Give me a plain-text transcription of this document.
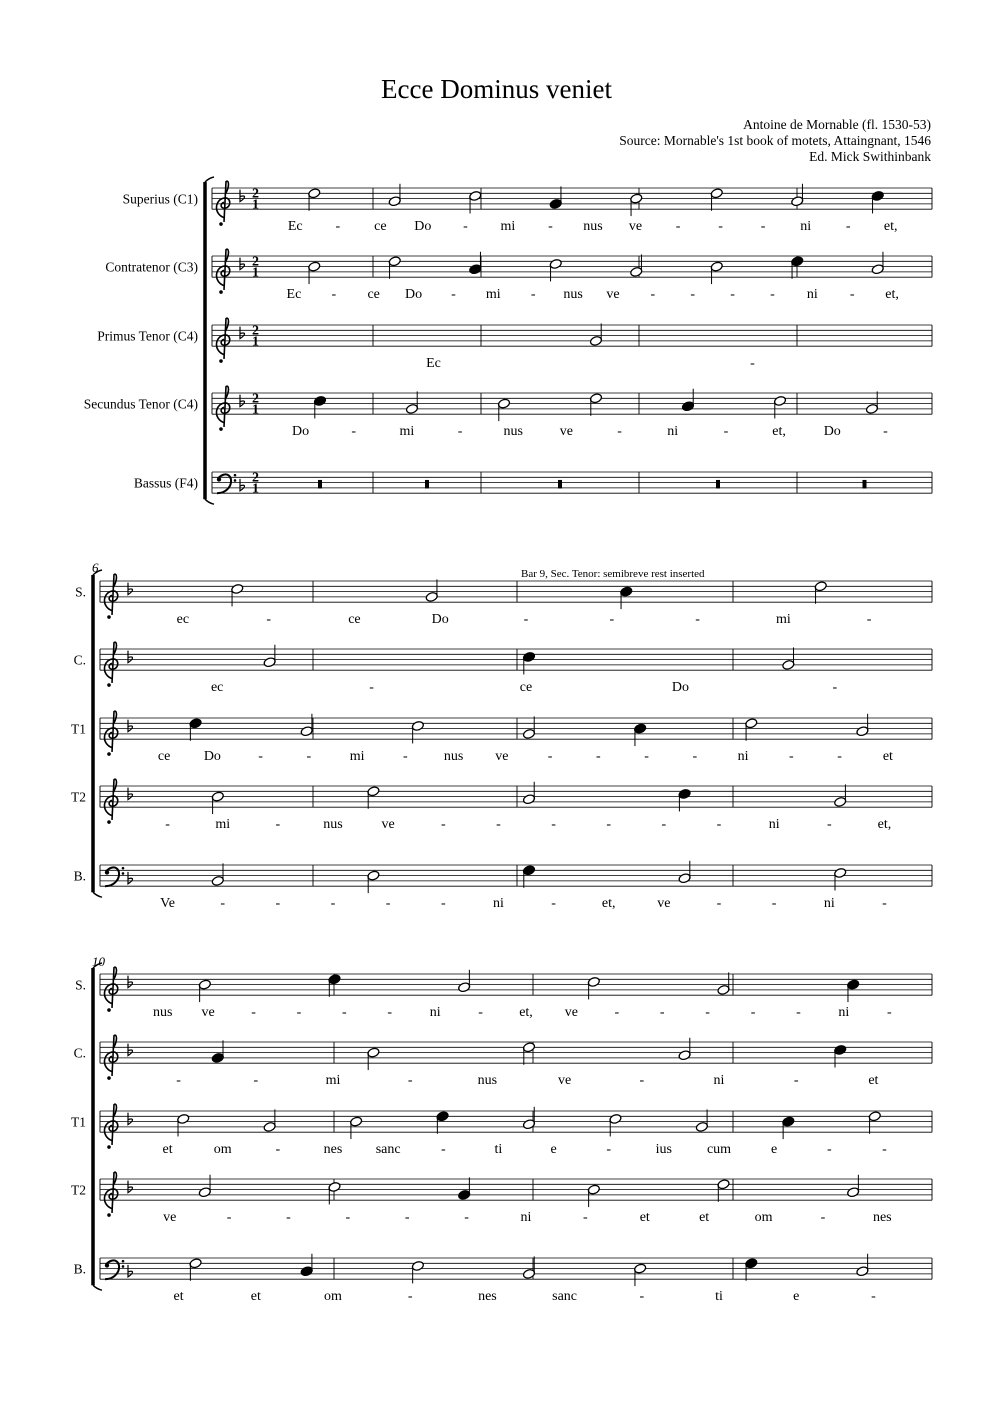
Ecce Dominus veniet
Antoine de Mornable (fl. 1530-53)
Source: Mornable's 1st book of motets, Attaingnant, 1546
Ed. Mick Swithinbank
Superius (C1)	2
1
Ec - ce Do - mi - nus ve -	-	- ni - et,
Contratenor (C3)	2
1
Ec - ce Do - mi - nus ve -	-	-	- ni - et,
Primus Tenor (C4)	2
1
Ec	-
Secundus Tenor (C4)	2
1
Do	-	mi	-	nus	ve	-	ni	-	et,	Do	-
Bassus (F4)	2
1
S.
ec	-	ce	Do	-	-	-	mi	-
C.
ec	-	ce	Do	-
T1
ce Do	-	-	mi	-	nus ve	-	-	-	-	ni	-	-	et
T2
-	mi	-	nus	ve	-	-	-	-	-	-	ni	-	et,
B.
Ve	-	-	-	-	-	ni	-	et,	ve	-	-	ni	-
S.
nus ve	-	-	-	-	ni	-	et, ve	-	-	-	-	-	ni	-
C.
-	-	mi	-	nus	ve	-	ni	-	et
T1
et	om	-	nes sanc	-	ti	e	-	ius cum	e	-	-
T2
ve	-	-	-	-	-	ni	-	et	et	om	-	nes
B.
et	et	om	-	nes	sanc	-	ti	e	-
6
10
Bar 9, Sec. Tenor: semibreve rest inserted
